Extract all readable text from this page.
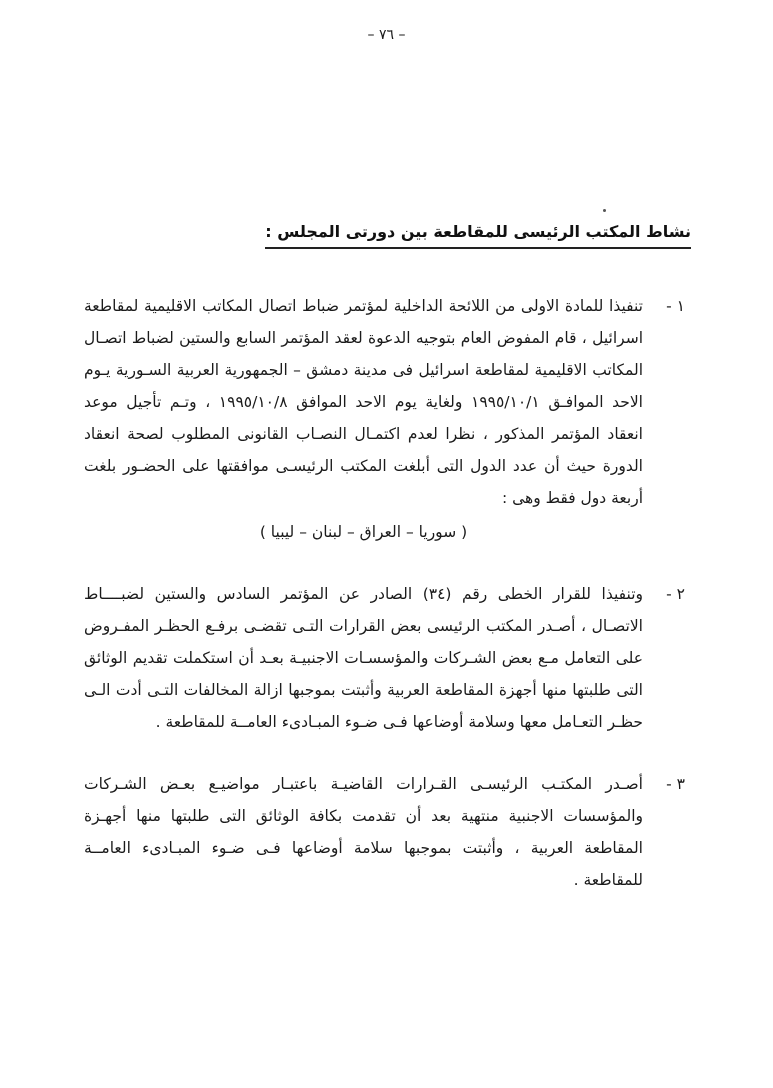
– ٧٦ –
نشاط المكتب الرئيسى للمقاطعة بين دورتى المجلس :
١ -
تنفيذا للمادة الاولى من اللائحة الداخلية لمؤتمر ضباط اتصال المكاتب الاقليمية لمقاطعة اسرائيل ، قام المفوض العام بتوجيه الدعوة لعقد المؤتمر السابع والستين لضباط اتصـال المكاتب الاقليمية لمقاطعة اسرائيل فى مدينة دمشق – الجمهورية العربية السـورية يـوم الاحد الموافـق ١٩٩٥/١٠/١ ولغاية يوم الاحد الموافق ١٩٩٥/١٠/٨ ، وتـم تأجيل موعد انعقاد المؤتمر المذكور ، نظرا لعدم اكتمـال النصـاب القانونى المطلوب لصحة انعقاد الدورة حيث أن عدد الدول التى أبلغت المكتب الرئيسـى موافقتها على الحضـور بلغت أربعة دول فقط وهى :
( سوريا – العراق – لبنان – ليبيا )
٢ -
وتنفيذا للقرار الخطى رقم (٣٤) الصادر عن المؤتمر السادس والستين لضبــــاط الاتصـال ، أصـدر المكتب الرئيسى بعض القرارات التـى تقضـى برفـع الحظـر المفـروض على التعامل مـع بعض الشـركات والمؤسسـات الاجنبيـة بعـد أن استكملت تقديم الوثائق التى طلبتها منها أجهزة المقاطعة العربية وأثبتت بموجبها ازالة المخالفات التـى أدت الـى حظـر التعـامل معها وسلامة أوضاعها فـى ضـوء المبـادىء العامــة للمقاطعة .
٣ -
أصـدر المكتـب الرئيسـى القـرارات القاضيـة باعتبـار مواضيـع بعـض الشـركات والمؤسسات الاجنبية منتهية بعد أن تقدمت بكافة الوثائق التى طلبتها منها أجهـزة المقاطعة العربية ، وأثبتت بموجبها سلامة أوضاعها فـى ضـوء المبـادىء العامــة للمقاطعة .
